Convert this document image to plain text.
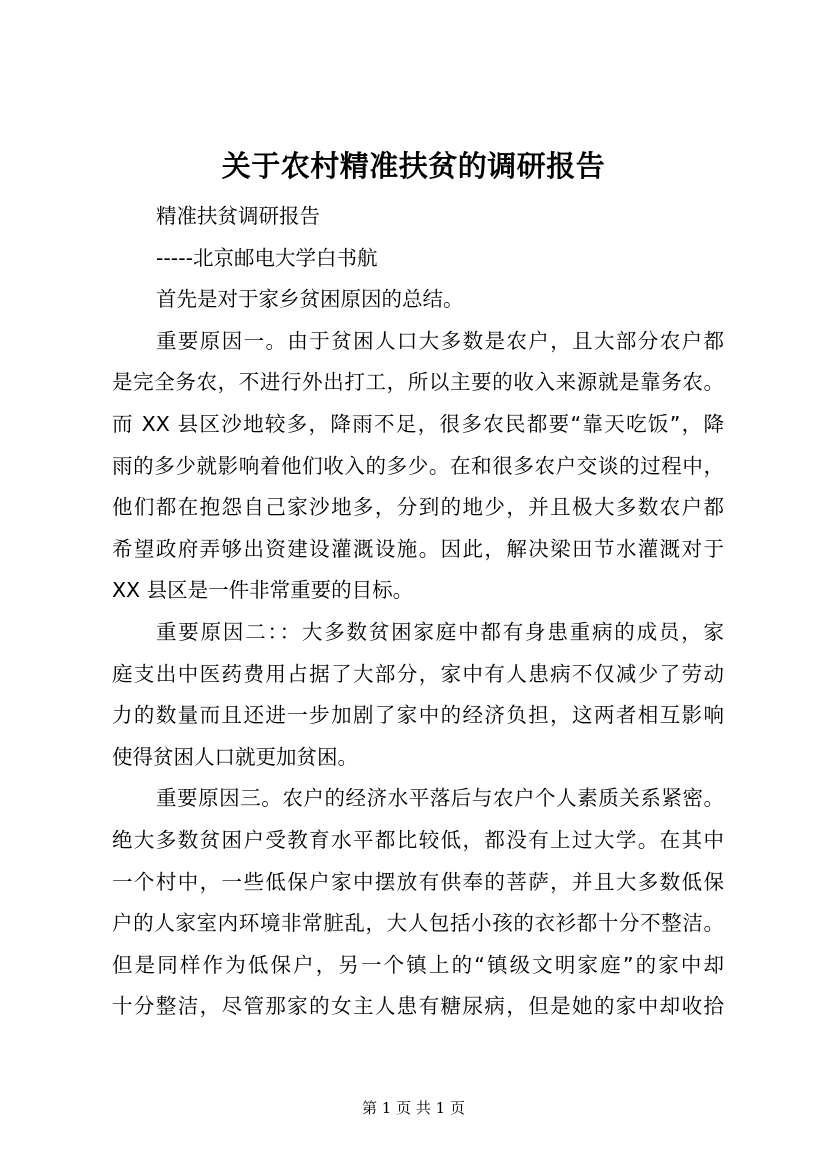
关于农村精准扶贫的调研报告
精准扶贫调研报告
-----北京邮电大学白书航
首先是对于家乡贫困原因的总结。
重要原因一。由于贫困人口大多数是农户，且大部分农户都
是完全务农，不进行外出打工，所以主要的收入来源就是靠务农。
而 XX 县区沙地较多，降雨不足，很多农民都要“靠天吃饭”，降
雨的多少就影响着他们收入的多少。在和很多农户交谈的过程中，
他们都在抱怨自己家沙地多，分到的地少，并且极大多数农户都
希望政府弄够出资建设灌溉设施。因此，解决梁田节水灌溉对于
XX 县区是一件非常重要的目标。
重要原因二：：大多数贫困家庭中都有身患重病的成员，家
庭支出中医药费用占据了大部分，家中有人患病不仅减少了劳动
力的数量而且还进一步加剧了家中的经济负担，这两者相互影响
使得贫困人口就更加贫困。
重要原因三。农户的经济水平落后与农户个人素质关系紧密。
绝大多数贫困户受教育水平都比较低，都没有上过大学。在其中
一个村中，一些低保户家中摆放有供奉的菩萨，并且大多数低保
户的人家室内环境非常脏乱，大人包括小孩的衣衫都十分不整洁。
但是同样作为低保户，另一个镇上的“镇级文明家庭”的家中却
十分整洁，尽管那家的女主人患有糖尿病，但是她的家中却收拾
第 1 页 共 1 页
